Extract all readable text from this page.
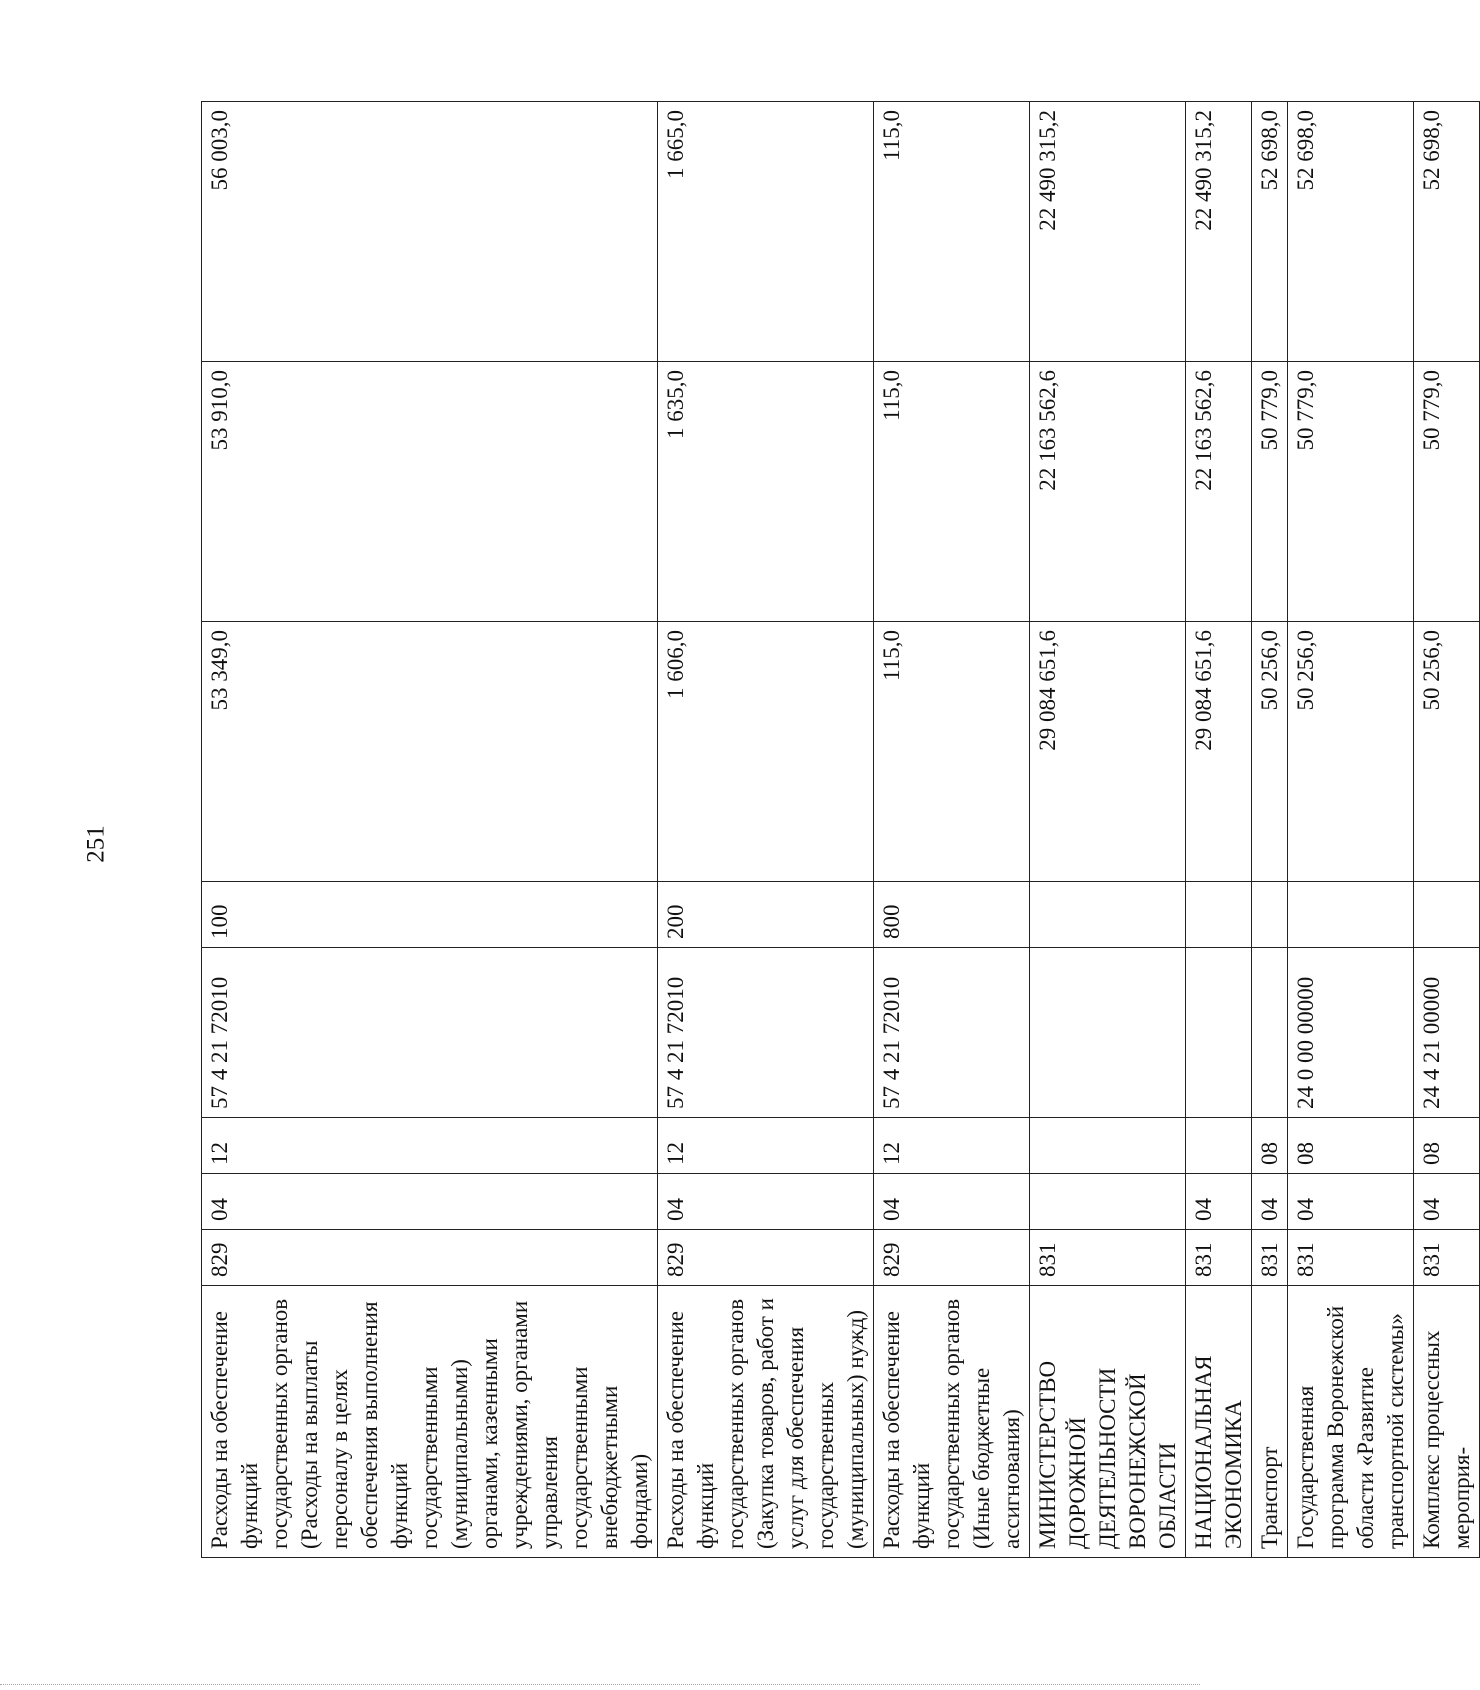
251
Расходы на обеспечение функций государственных органов (Расходы на выплаты персоналу в целях обеспечения выполнения функций государственными (муниципальными) органами, казенными учреждениями, органами управления государственными внебюджетными фондами)	829	04	12	57 4 21 72010	100	53 349,0	53 910,0	56 003,0
Расходы на обеспечение функций государственных органов (Закупка товаров, работ и услуг для обеспечения государственных (муниципальных) нужд)	829	04	12	57 4 21 72010	200	1 606,0	1 635,0	1 665,0
Расходы на обеспечение функций государственных органов (Иные бюджетные ассигнования)	829	04	12	57 4 21 72010	800	115,0	115,0	115,0
МИНИСТЕРСТВО ДОРОЖНОЙ ДЕЯТЕЛЬНОСТИ ВОРОНЕЖСКОЙ ОБЛАСТИ	831					29 084 651,6	22 163 562,6	22 490 315,2
НАЦИОНАЛЬНАЯ ЭКОНОМИКА	831	04				29 084 651,6	22 163 562,6	22 490 315,2
Транспорт	831	04	08			50 256,0	50 779,0	52 698,0
Государственная программа Воронежской области «Развитие транспортной системы»	831	04	08	24 0 00 00000		50 256,0	50 779,0	52 698,0
Комплекс процессных мероприя-	831	04	08	24 4 21 00000		50 256,0	50 779,0	52 698,0
